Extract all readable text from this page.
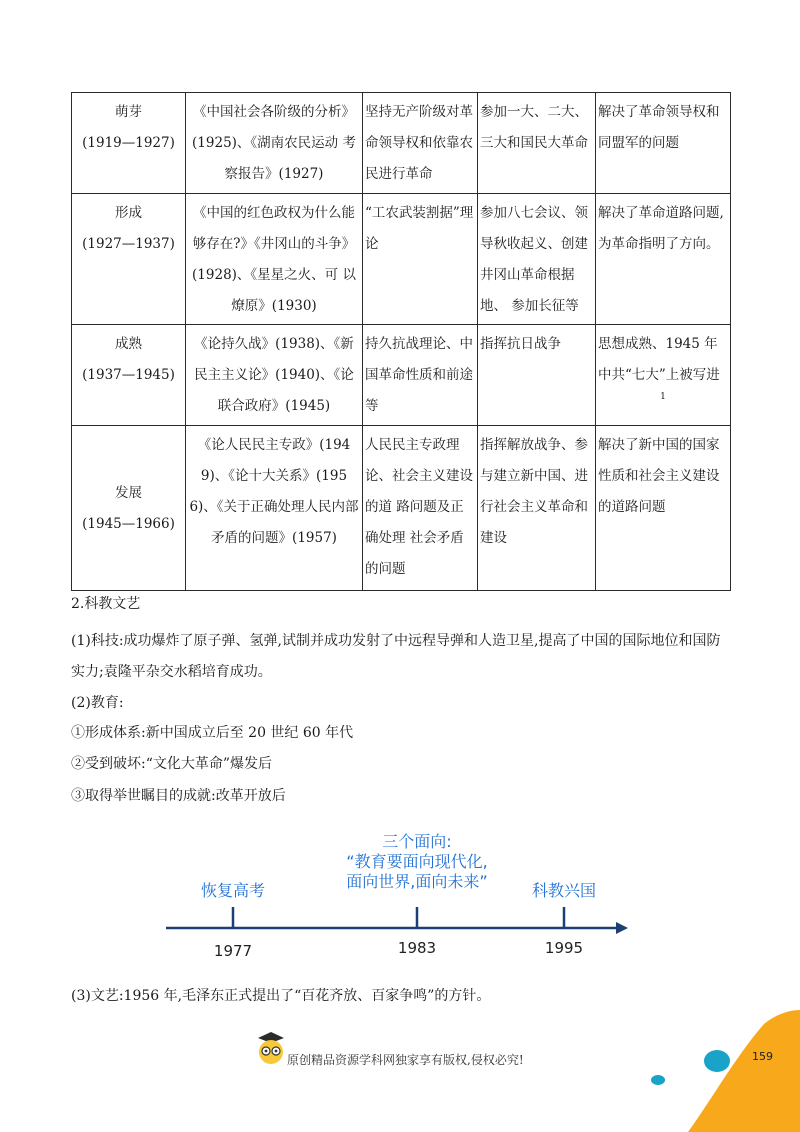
萌芽
(1919—1927)	《中国社会各阶级的分析》(1925)、《湖南农民运动 考察报告》(1927)	坚持无产阶级对革命领导权和依靠农民进行革命	参加一大、二大、三大和国民大革命	解决了革命领导权和同盟军的问题

形成
(1927—1937)	《中国的红色政权为什么能够存在?》《井冈山的斗争》(1928)、《星星之火、可 以燎原》(1930)	“工农武装割据”理论	参加八七会议、领导秋收起义、创建井冈山革命根据地、 参加长征等	解决了革命道路问题, 为革命指明了方向。

成熟
(1937—1945)	《论持久战》(1938)、《新民主主义论》(1940)、《论联合政府》(1945)	持久抗战理论、中国革命性质和前途等	指挥抗日战争	思想成熟、1945 年中共“七大”上被写进
1

发展
(1945—1966)	《论人民民主专政》(1949)、《论十大关系》(1956)、《关于正确处理人民内部矛盾的问题》(1957)	人民民主专政理论、社会主义建设的道 路问题及正确处理 社会矛盾的问题	指挥解放战争、参与建立新中国、进行社会主义革命和建设	解决了新中国的国家性质和社会主义建设的道路问题

2.科教文艺

(1)科技:成功爆炸了原子弹、氢弹,试制并成功发射了中远程导弹和人造卫星,提高了中国的国际地位和国防实力;袁隆平杂交水稻培育成功。

(2)教育:

①形成体系:新中国成立后至 20 世纪 60 年代

②受到破坏:“文化大革命”爆发后

③取得举世瞩目的成就:改革开放后

恢复高考
三个面向:
“教育要面向现代化,
面向世界,面向未来”	科教兴国
1977	1983	1995

(3)文艺:1956 年,毛泽东正式提出了“百花齐放、百家争鸣”的方针。

原创精品资源学科网独家享有版权,侵权必究!	159
